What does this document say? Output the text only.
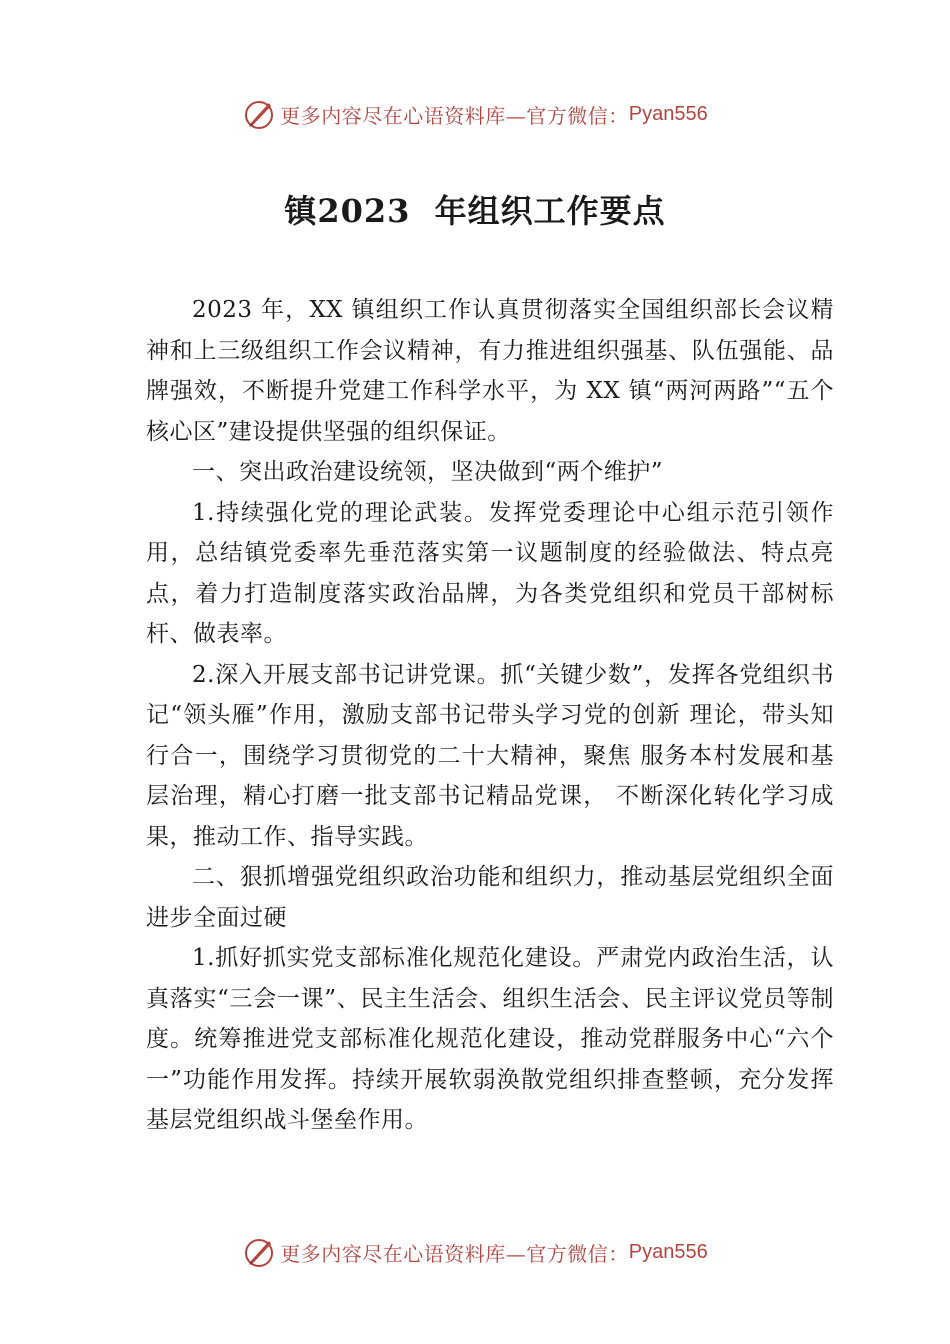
更多内容尽在心语资料库—官方微信： Pyan556
镇2023  年组织工作要点

2023 年，XX 镇组织工作认真贯彻落实全国组织部长会议精神和上三级组织工作会议精神，有力推进组织强基、队伍强能、品牌强效，不断提升党建工作科学水平，为 XX 镇“两河两路”“五个核心区”建设提供坚强的组织保证。

一、突出政治建设统领，坚决做到“两个维护”

1.持续强化党的理论武装。发挥党委理论中心组示范引领作用，总结镇党委率先垂范落实第一议题制度的经验做法、特点亮点，着力打造制度落实政治品牌，为各类党组织和党员干部树标杆、做表率。

2.深入开展支部书记讲党课。抓“关键少数”，发挥各党组织书记“领头雁”作用，激励支部书记带头学习党的创新 理论，带头知行合一，围绕学习贯彻党的二十大精神，聚焦 服务本村发展和基层治理，精心打磨一批支部书记精品党课， 不断深化转化学习成果，推动工作、指导实践。

二、狠抓增强党组织政治功能和组织力，推动基层党组织全面进步全面过硬

1.抓好抓实党支部标准化规范化建设。严肃党内政治生活，认真落实“三会一课”、民主生活会、组织生活会、民主评议党员等制度。统筹推进党支部标准化规范化建设，推动党群服务中心“六个一”功能作用发挥。持续开展软弱涣散党组织排查整顿，充分发挥基层党组织战斗堡垒作用。

更多内容尽在心语资料库—官方微信： Pyan556
